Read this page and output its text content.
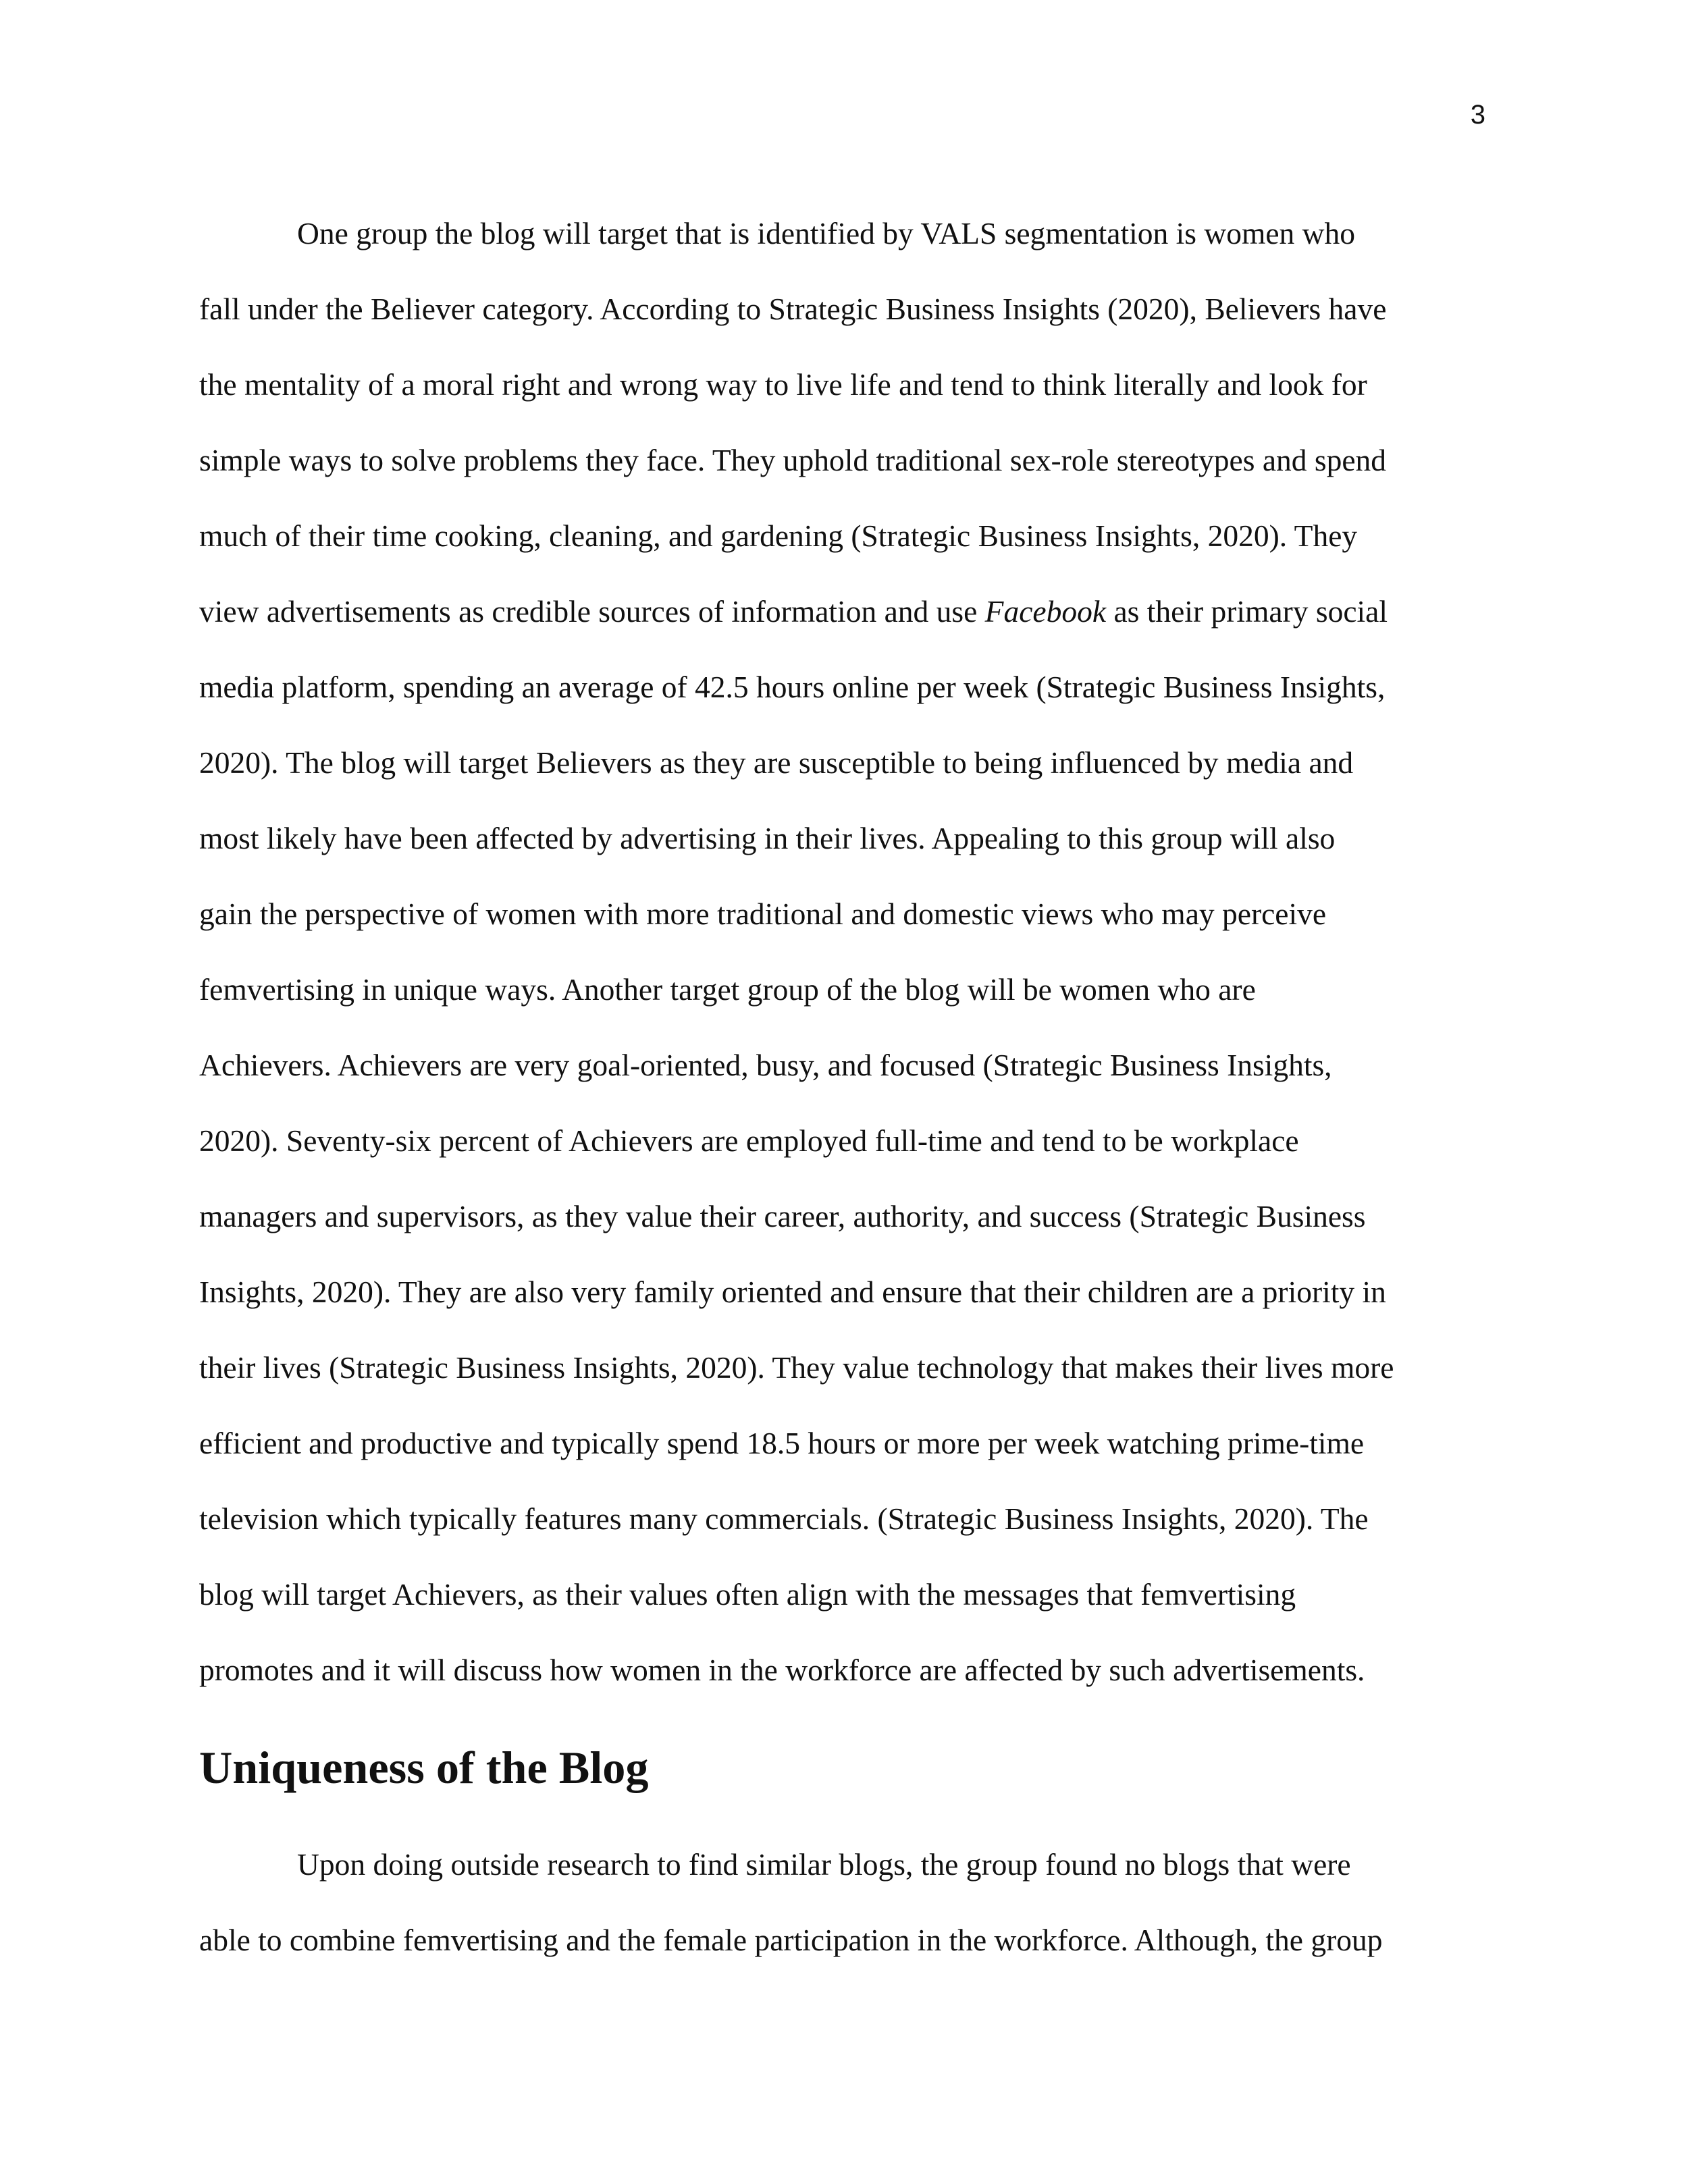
3

One group the blog will target that is identified by VALS segmentation is women who
fall under the Believer category. According to Strategic Business Insights (2020), Believers have
the mentality of a moral right and wrong way to live life and tend to think literally and look for
simple ways to solve problems they face. They uphold traditional sex-role stereotypes and spend
much of their time cooking, cleaning, and gardening (Strategic Business Insights, 2020). They
view advertisements as credible sources of information and use Facebook as their primary social
media platform, spending an average of 42.5 hours online per week (Strategic Business Insights,
2020). The blog will target Believers as they are susceptible to being influenced by media and
most likely have been affected by advertising in their lives. Appealing to this group will also
gain the perspective of women with more traditional and domestic views who may perceive
femvertising in unique ways. Another target group of the blog will be women who are
Achievers. Achievers are very goal-oriented, busy, and focused (Strategic Business Insights,
2020). Seventy-six percent of Achievers are employed full-time and tend to be workplace
managers and supervisors, as they value their career, authority, and success (Strategic Business
Insights, 2020). They are also very family oriented and ensure that their children are a priority in
their lives (Strategic Business Insights, 2020). They value technology that makes their lives more
efficient and productive and typically spend 18.5 hours or more per week watching prime-time
television which typically features many commercials. (Strategic Business Insights, 2020). The
blog will target Achievers, as their values often align with the messages that femvertising
promotes and it will discuss how women in the workforce are affected by such advertisements.

Uniqueness of the Blog

Upon doing outside research to find similar blogs, the group found no blogs that were
able to combine femvertising and the female participation in the workforce. Although, the group
